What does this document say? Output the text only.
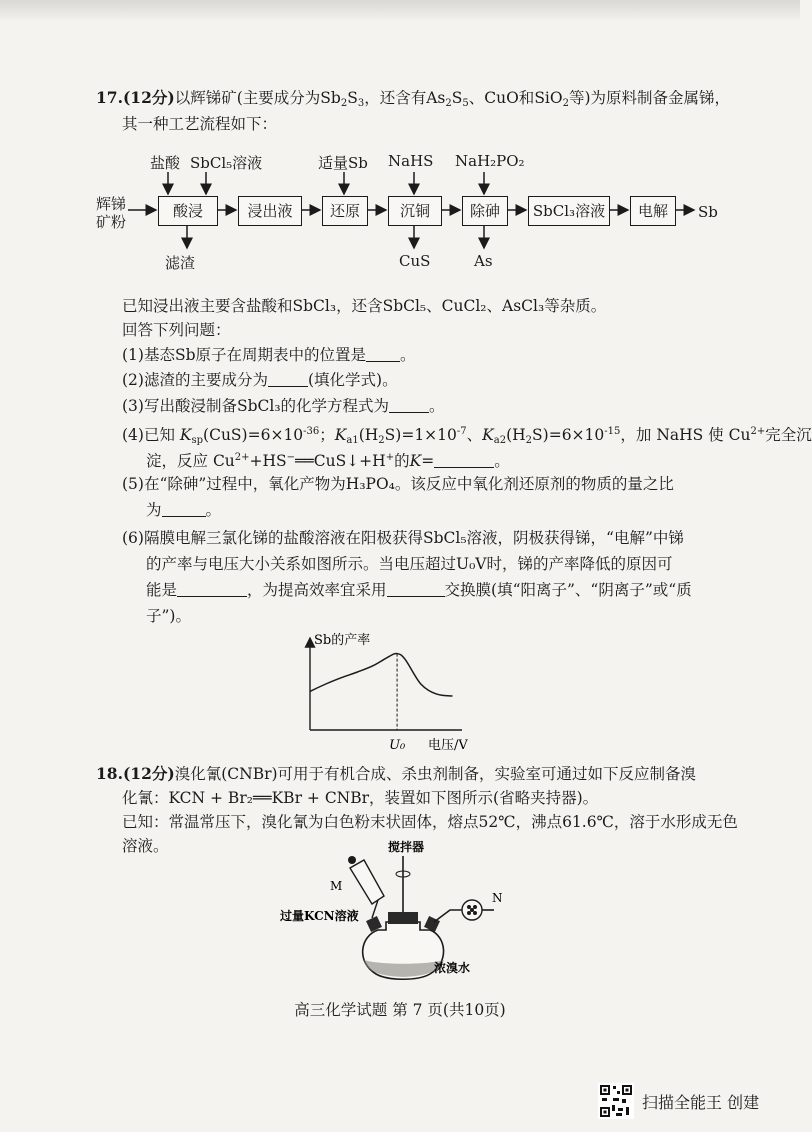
17.(12分)以辉锑矿(主要成分为$Sb_2S_3$，还含有$As_2S_5$、CuO和SiO$_2$等)为原料制备金属锑，
其一种工艺流程如下：
辉锑
矿粉
酸浸	浸出液	还原	沉铜	除砷	SbCl₃溶液	电解	Sb
盐酸 SbCl₅溶液	适量Sb NaHS NaH₂PO₂
滤渣	CuS	As
已知浸出液主要含盐酸和SbCl₃，还含SbCl₅、CuCl₂、AsCl₃等杂质。
回答下列问题：
(1)基态Sb原子在周期表中的位置是 。
(2)滤渣的主要成分为	(填化学式)。
(3)写出酸浸制备SbCl₃的化学方程式为	。
(4)已知 $K_{sp}(CuS)=6\times 10^{-36}$；$K_{a1}(H_2S)=1\times 10^{-7}$、$K_{a2}(H_2S)=6\times 10^{-15}$，加 NaHS 使 $Cu^{2+}$完全沉
淀，反应 $Cu^{2+}+HS^-══CuS↓+H^+$的K=	。
(5)在“除砷”过程中，氧化产物为H₃PO₄。该反应中氧化剂还原剂的物质的量之比
为	。
(6)隔膜电解三氯化锑的盐酸溶液在阳极获得SbCl₅溶液，阴极获得锑，“电解”中锑
的产率与电压大小关系如图所示。当电压超过U₀V时，锑的产率降低的原因可
能是	，为提高效率宜采用	交换膜(填“阳离子”、“阴离子”或“质
子”)。
Sb的产率
电压/V
U₀
18.(12分)溴化氰(CNBr)可用于有机合成、杀虫剂制备，实验室可通过如下反应制备溴
化氰：KCN + Br₂══KBr + CNBr，装置如下图所示(省略夹持器)。
已知：常温常压下，溴化氰为白色粉末状固体，熔点52℃，沸点61.6℃，溶于水形成无色
溶液。	搅拌器
M
过量KCN溶液
N
浓溴水
高三化学试题 第 7 页(共10页)
扫描全能王 创建
